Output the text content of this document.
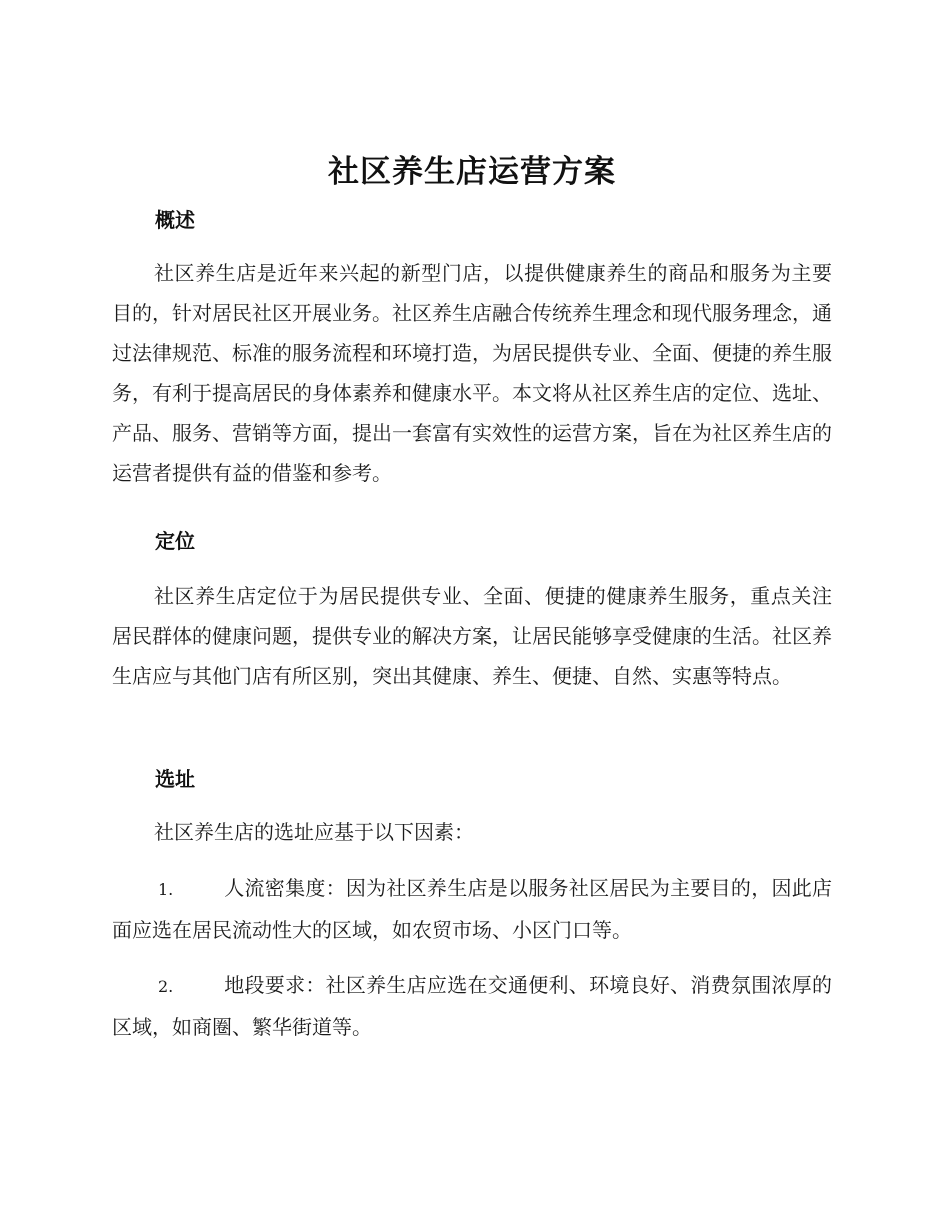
社区养生店运营方案
概述
社区养生店是近年来兴起的新型门店，以提供健康养生的商品和服务为主要目的，针对居民社区开展业务。社区养生店融合传统养生理念和现代服务理念，通过法律规范、标准的服务流程和环境打造，为居民提供专业、全面、便捷的养生服务，有利于提高居民的身体素养和健康水平。本文将从社区养生店的定位、选址、产品、服务、营销等方面，提出一套富有实效性的运营方案，旨在为社区养生店的运营者提供有益的借鉴和参考。
定位
社区养生店定位于为居民提供专业、全面、便捷的健康养生服务，重点关注居民群体的健康问题，提供专业的解决方案，让居民能够享受健康的生活。社区养生店应与其他门店有所区别，突出其健康、养生、便捷、自然、实惠等特点。
选址
社区养生店的选址应基于以下因素：
1.	人流密集度：因为社区养生店是以服务社区居民为主要目的，因此店面应选在居民流动性大的区域，如农贸市场、小区门口等。
2.	地段要求：社区养生店应选在交通便利、环境良好、消费氛围浓厚的区域，如商圈、繁华街道等。
